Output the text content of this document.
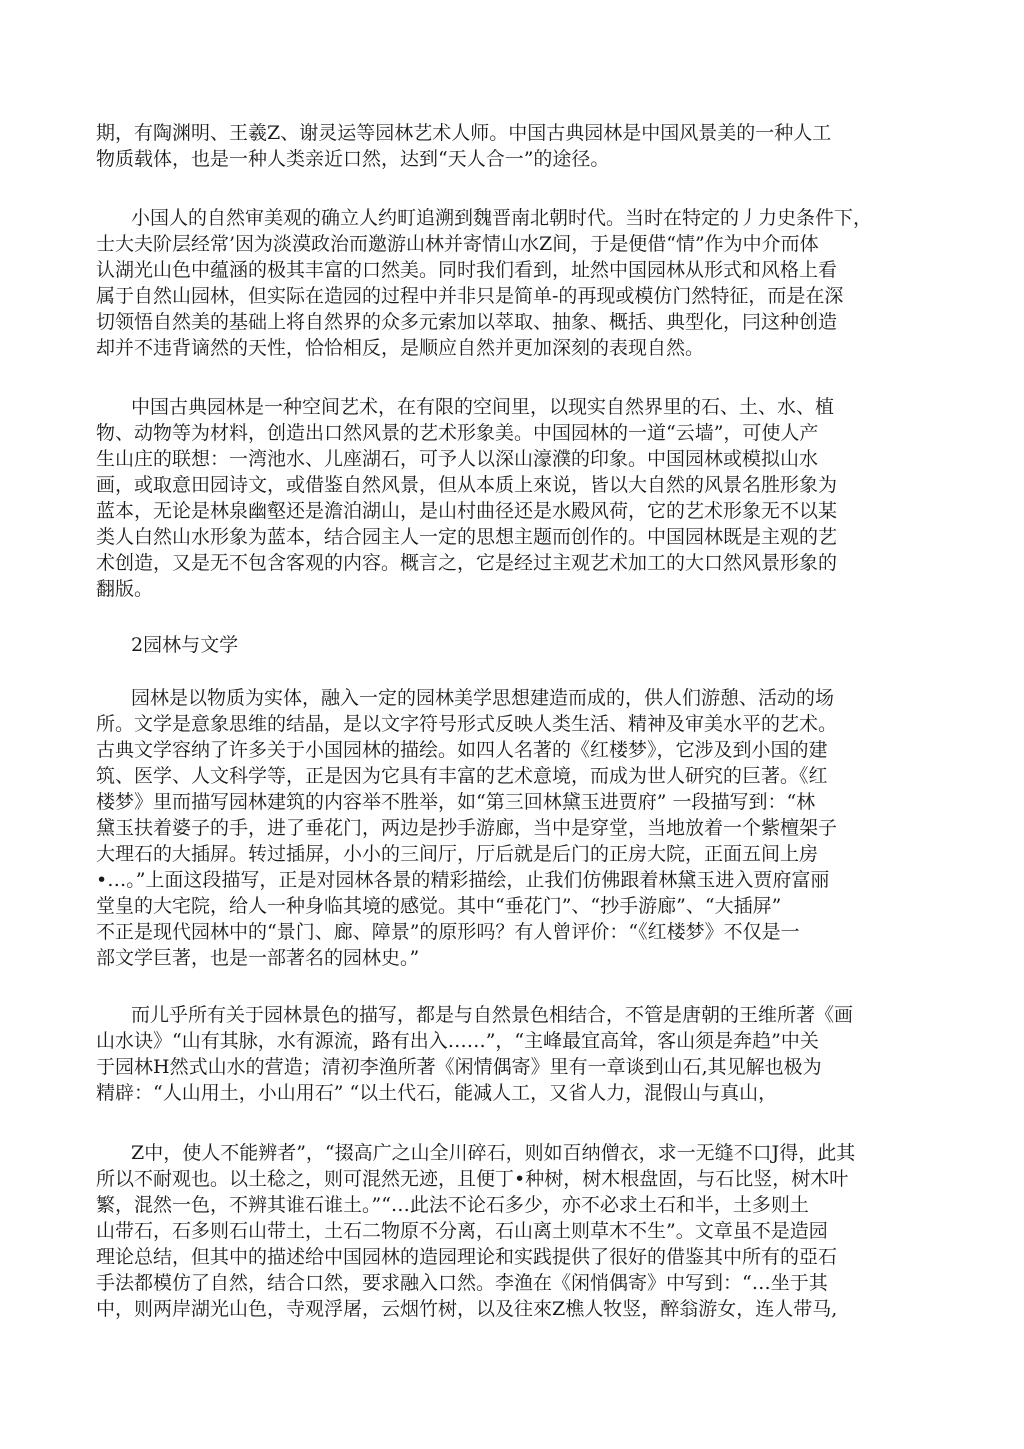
期，有陶渊明、王羲Z、谢灵运等园林艺术人师。中国古典园林是中国风景美的一种人工
物质载体，也是一种人类亲近口然，达到“天人合一”的途径。
小国人的自然审美观的确立人约町追溯到魏晋南北朝时代。当时在特定的丿力史条件下，
士大夫阶层经常’因为淡漠政治而邀游山林并寄情山水Z间，于是便借“情”作为中介而体
认湖光山色中蕴涵的极其丰富的口然美。同时我们看到，址然中国园林从形式和风格上看
属于自然山园林，但实际在造园的过程中并非只是简单-的再现或模仿门然特征，而是在深
切领悟自然美的基础上将自然界的众多元索加以萃取、抽象、概括、典型化，冃这种创造
却并不违背谪然的天性，恰恰相反，是顺应自然并更加深刻的表现自然。
中国古典园林是一种空间艺术，在有限的空间里，以现实自然界里的石、土、水、植
物、动物等为材料，创造出口然风景的艺术形象美。中国园林的一道“云墙”，可使人产
生山庄的联想：一湾池水、儿座湖石，可予人以深山濠濮的印象。中国园林或模拟山水
画，或取意田园诗文，或借鉴自然风景，但从本质上來说，皆以大自然的风景名胜形象为
蓝本，无论是林泉幽壑还是澹泊湖山，是山村曲径还是水殿风荷，它的艺术形象无不以某
类人白然山水形象为蓝本，结合园主人一定的思想主题而创作的。中国园林既是主观的艺
术创造，又是无不包含客观的内容。概言之，它是经过主观艺术加工的大口然风景形象的
翻版。
2园林与文学
园林是以物质为实体，融入一定的园林美学思想建造而成的，供人们游憩、活动的场
所。文学是意象思维的结晶，是以文字符号形式反映人类生活、精神及审美水平的艺术。
古典文学容纳了许多关于小国园林的描绘。如四人名著的《红楼梦》，它涉及到小国的建
筑、医学、人文科学等，正是因为它具有丰富的艺术意境，而成为世人研究的巨著。《红
楼梦》里而描写园林建筑的内容举不胜举，如“第三回林黛玉进贾府” 一段描写到：“林
黛玉扶着婆子的手，进了垂花门，两边是抄手游廊，当中是穿堂，当地放着一个紫檀架子
大理石的大插屏。转过插屏，小小的三间厅，厅后就是后门的正房大院，正面五间上房
•…。”上面这段描写，正是对园林各景的精彩描绘，止我们仿佛跟着林黛玉进入贾府富丽
堂皇的大宅院，给人一种身临其境的感觉。其中“垂花门”、“抄手游廊”、“大插屏”
不正是现代园林中的“景门、廊、障景”的原形吗？有人曾评价：“《红楼梦》不仅是一
部文学巨著，也是一部著名的园林史。”
而儿乎所有关于园林景色的描写，都是与自然景色相结合，不管是唐朝的王维所著《画
山水诀》“山有其脉，水有源流，路有出入……”，“主峰最宜高耸，客山须是奔趋”中关
于园林H然式山水的营造；清初李渔所著《闲情偶寄》里有一章谈到山石,其见解也极为
精辟：“人山用土，小山用石” “以土代石，能减人工，又省人力，混假山与真山，
Z中，使人不能辨者”，“掇高广之山全川碎石，则如百纳僧衣，求一无缝不口J得，此其
所以不耐观也。以土稔之，则可混然无迹，且便丁•种树，树木根盘固，与石比竖，树木叶
繁，混然一色，不辨其谁石谁土。”“…此法不论石多少，亦不必求土石和半，土多则土
山带石，石多则石山带土，土石二物原不分离，石山离土则草木不生”。文章虽不是造园
理论总结，但其中的描述给中国园林的造园理论和实践提供了很好的借鉴其中所有的亞石
手法都模仿了自然，结合口然，要求融入口然。李渔在《闲悄偶寄》中写到：“…坐于其
中，则两岸湖光山色，寺观浮屠，云烟竹树，以及往來Z樵人牧竖，醉翁游女，连人带马,
